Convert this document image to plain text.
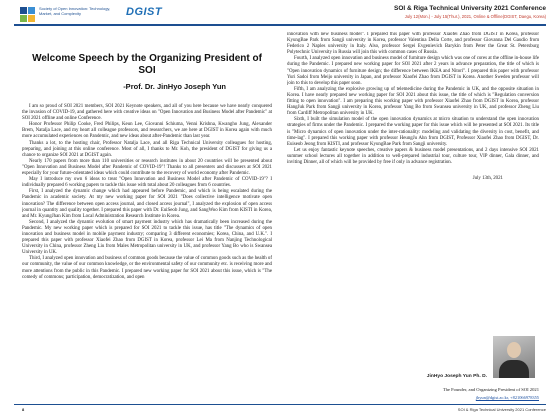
Society of Open Innovation: Technology, Market, and Complexity	DGIST	SOI & Riga Technical University 2021 Conference
July 12(Mon.) - July 15(Thur.), 2021, Online & Offline(DGIST, Daegu, Korea)
Welcome Speech by the Organizing President of
SOI
-Prof. Dr. JinHyo Joseph Yun

I am so proud of SOI 2021 members, SOI 2021 Keynote speakers, and all of you here because we have nearly conquered the invasion of COVID-19, and gathered here with creative ideas on "Open Innovation and Business Model after Pandemic" at SOI 2021 offline and online Conference.

Honor Professor Philip Cooke, Fred Philips, Keun Lee, Giovanni Schiuma, Venni Krishna, Kwangho Jung, Alexander Brem, Natalja Lace, and my heart all colleague professors, and researchers, we are here at DGIST in Korea again with much more accumulated experiences on Pandemic, and new ideas about after-Pandemic than last year.

Thanks a lot, to the hosting chair, Professor Natalja Lace, and all Riga Technical University colleagues for hosting, preparing, and joining at this online conference. Most of all, I thanks to Mr. Koh, the president of DGIST for giving us a chance to organize SOI 2021 at DGIST again.

Nearly 170 papers from more than 110 universities or research institutes in about 20 countries will be presented about "Open Innovation and Business Model after Pandemic of COVID-19"! Thanks to all presenters and discussers at SOI 2021 especially for your future-orientated ideas which could contribute to the recovery of world economy after Pandemic.

May I introduce my own 6 ideas to treat "Open Innovation and Business Model after Pandemic of COVID-19"? I individually prepared 6 working papers to tackle this issue with total about 20 colleagues from 6 countries.

First, I analyzed the dynamic change which had appeared before Pandemic, and which is being escalated during the Pandemic in academic society. At my new working paper for SOI 2021 "Does collective intelligence motivate open innovation? The difference between open access journal, and closed access journal", I analyzed the explosion of open access journal in quantity and quality together. I prepared this paper with Dr. EuiSeob Jung, and SangWoo Kim from KISTI in Korea, and Mr. KyungJhan Kim from Local Administration Research Institute in Korea.

Second, I analyzed the dynamic evolution of smart payment industry which has dramatically been increased during the Pandemic. My new working paper which is prepared for SOI 2021 to tackle this issue, has title "The dynamics of open innovation and business model in mobile payment industry; comparing 3 different economies; Korea, China, and U.K.". I prepared this paper with professor Xiaofei Zhao from DGIST in Korea, professor Lei Ma from Nanjing Technological University in China, professor Zheng Liu from Males Metropolitan university in UK, and professor Yang Bo who is Swansea University in UK.

Third, I analyzed open innovation and business of common goods because the value of common goods such as the health of our community, the value of our common knowledge, or the environmental safety of our community etc. is receiving more and more attentions from the public in this Pandemic. I prepared new working paper for SOI 2021 about this issue, which is "The comedy of commons; participation, democratization, and open

innovation with new business model". I prepared this paper with professor Xiaofei Zhao from DGIST in Korea, professor KyungBae Park from Sangji university in Korea, professor Valentina Della Corte, and professor Giovanna Del Gaudio from Federico 2 Naples university in Italy. Also, professor Sergei Evgenievich Barykin from Peter the Great St. Petersburg Polytechnic University in Russia will join this with common cases of Russia.

Fourth, I analyzed open innovation and business model of furniture design which was one of cores at the offline in-house life during the Pandemic. I prepared new working paper for SOI 2021 after 2 years in advance preparation, the title of which is "Open innovation dynamics of furniture design; the difference between IKEA and Nitori". I prepared this paper with professor Yuri Sadoi from Meijo university in Japan, and professor Xiaofei Zhao from DGIST in Korea. Another Sweden professor will join to this to develop this paper soon.

Fifth, I am analyzing the explosive growing up of telemedicine during the Pandemic in UK, and the opposite situation in Korea. I have nearly prepared new working paper for SOI 2021 about this issue, the title of which is "Regulation conversion fitting to open innovation". I am preparing this working paper with professor Xiaofei Zhao from DGIST in Korea, professor HangJuk Park from Sangji university in Korea, professor Yang Bo from Swansea university in UK, and professor Zheng Liu from Cardiff Metropolitan university in UK.

Sixth, I built the simulation model of the open innovation dynamics at micro situation to understand the open innovation strategies of firms under the Pandemic. I prepared the working paper for this issue which will be presented at SOI 2021. Its title is "Micro dynamics of open innovation under the inter-rationality: modeling and validating the diversity in cost, benefit, and time-lag". I prepared this working paper with professor HeungJu Ahn from DGIST, Professor Xiaofei Zhao from DGIST, Dr. Euiseob Jeong from KISTI, and professor KyungBae Park from Sangji university.

Let us enjoy fantastic keynote speeches, creative papers & business model presentations, and 2 days intensive SOI 2021 summer school lectures all together in addition to well-prepared industrial tour, culture tour, VIP dinner, Gala dinner, and inviting Dinner, all of which will be provided by free if only in advance registration.

July 13th, 2021
JinHyo Joseph Yun Ph. D.
The Founder, and Organizing President of SOI 2021
jhyun@dgist.ac.kr, +821066978355
8	SOI & Riga Technical University 2021 Conference
